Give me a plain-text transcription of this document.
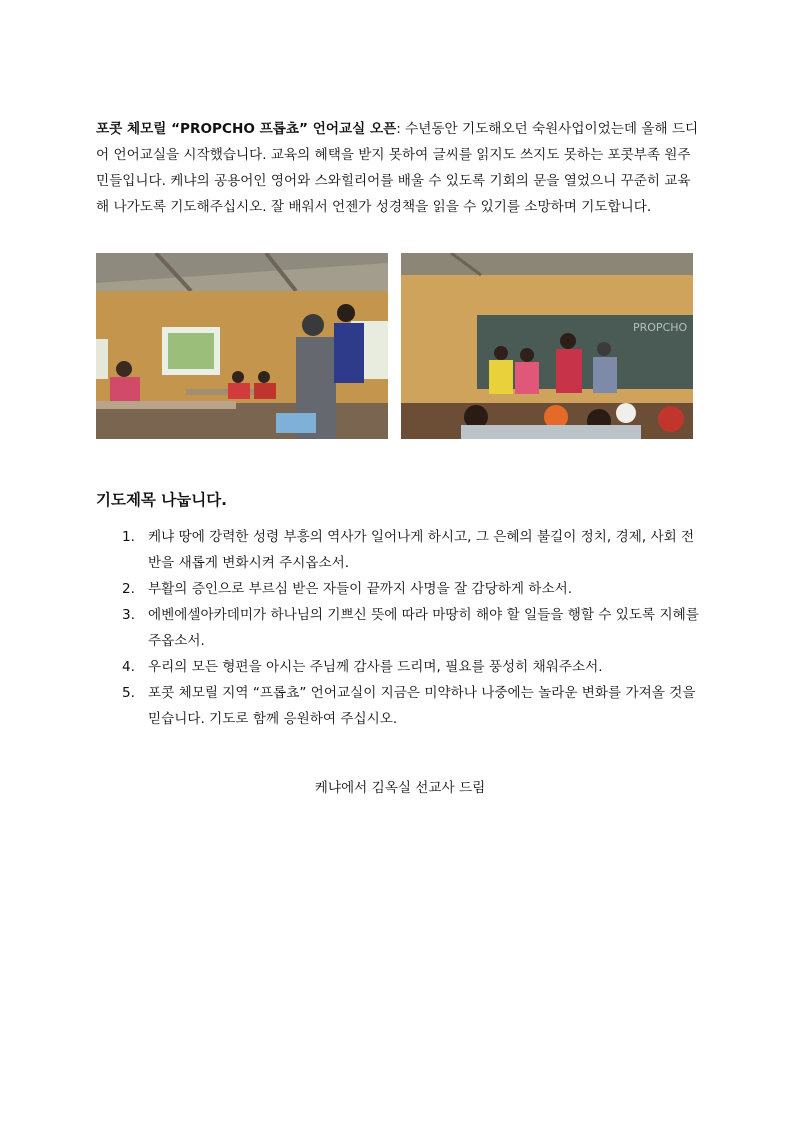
포콧 체모릴 “PROPCHO 프롭쵸” 언어교실 오픈: 수년동안 기도해오던 숙원사업이었는데 올해 드디어 언어교실을 시작했습니다. 교육의 혜택을 받지 못하여 글씨를 읽지도 쓰지도 못하는 포콧부족 원주민들입니다. 케냐의 공용어인 영어와 스와힐리어를 배울 수 있도록 기회의 문을 열었으니 꾸준히 교육해 나가도록 기도해주십시오. 잘 배워서 언젠가 성경책을 읽을 수 있기를 소망하며 기도합니다.
PROPCHO
기도제목 나눕니다.
1. 케냐 땅에 강력한 성령 부흥의 역사가 일어나게 하시고, 그 은혜의 불길이 정치, 경제, 사회 전반을 새롭게 변화시켜 주시옵소서.
2. 부활의 증인으로 부르심 받은 자들이 끝까지 사명을 잘 감당하게 하소서.
3. 에벤에셀아카데미가 하나님의 기쁘신 뜻에 따라 마땅히 해야 할 일들을 행할 수 있도록 지혜를 주옵소서.
4. 우리의 모든 형편을 아시는 주님께 감사를 드리며, 필요를 풍성히 채워주소서.
5. 포콧 체모릴 지역 “프롭쵸” 언어교실이 지금은 미약하나 나중에는 놀라운 변화를 가져올 것을 믿습니다. 기도로 함께 응원하여 주십시오.
케냐에서 김옥실 선교사 드림
